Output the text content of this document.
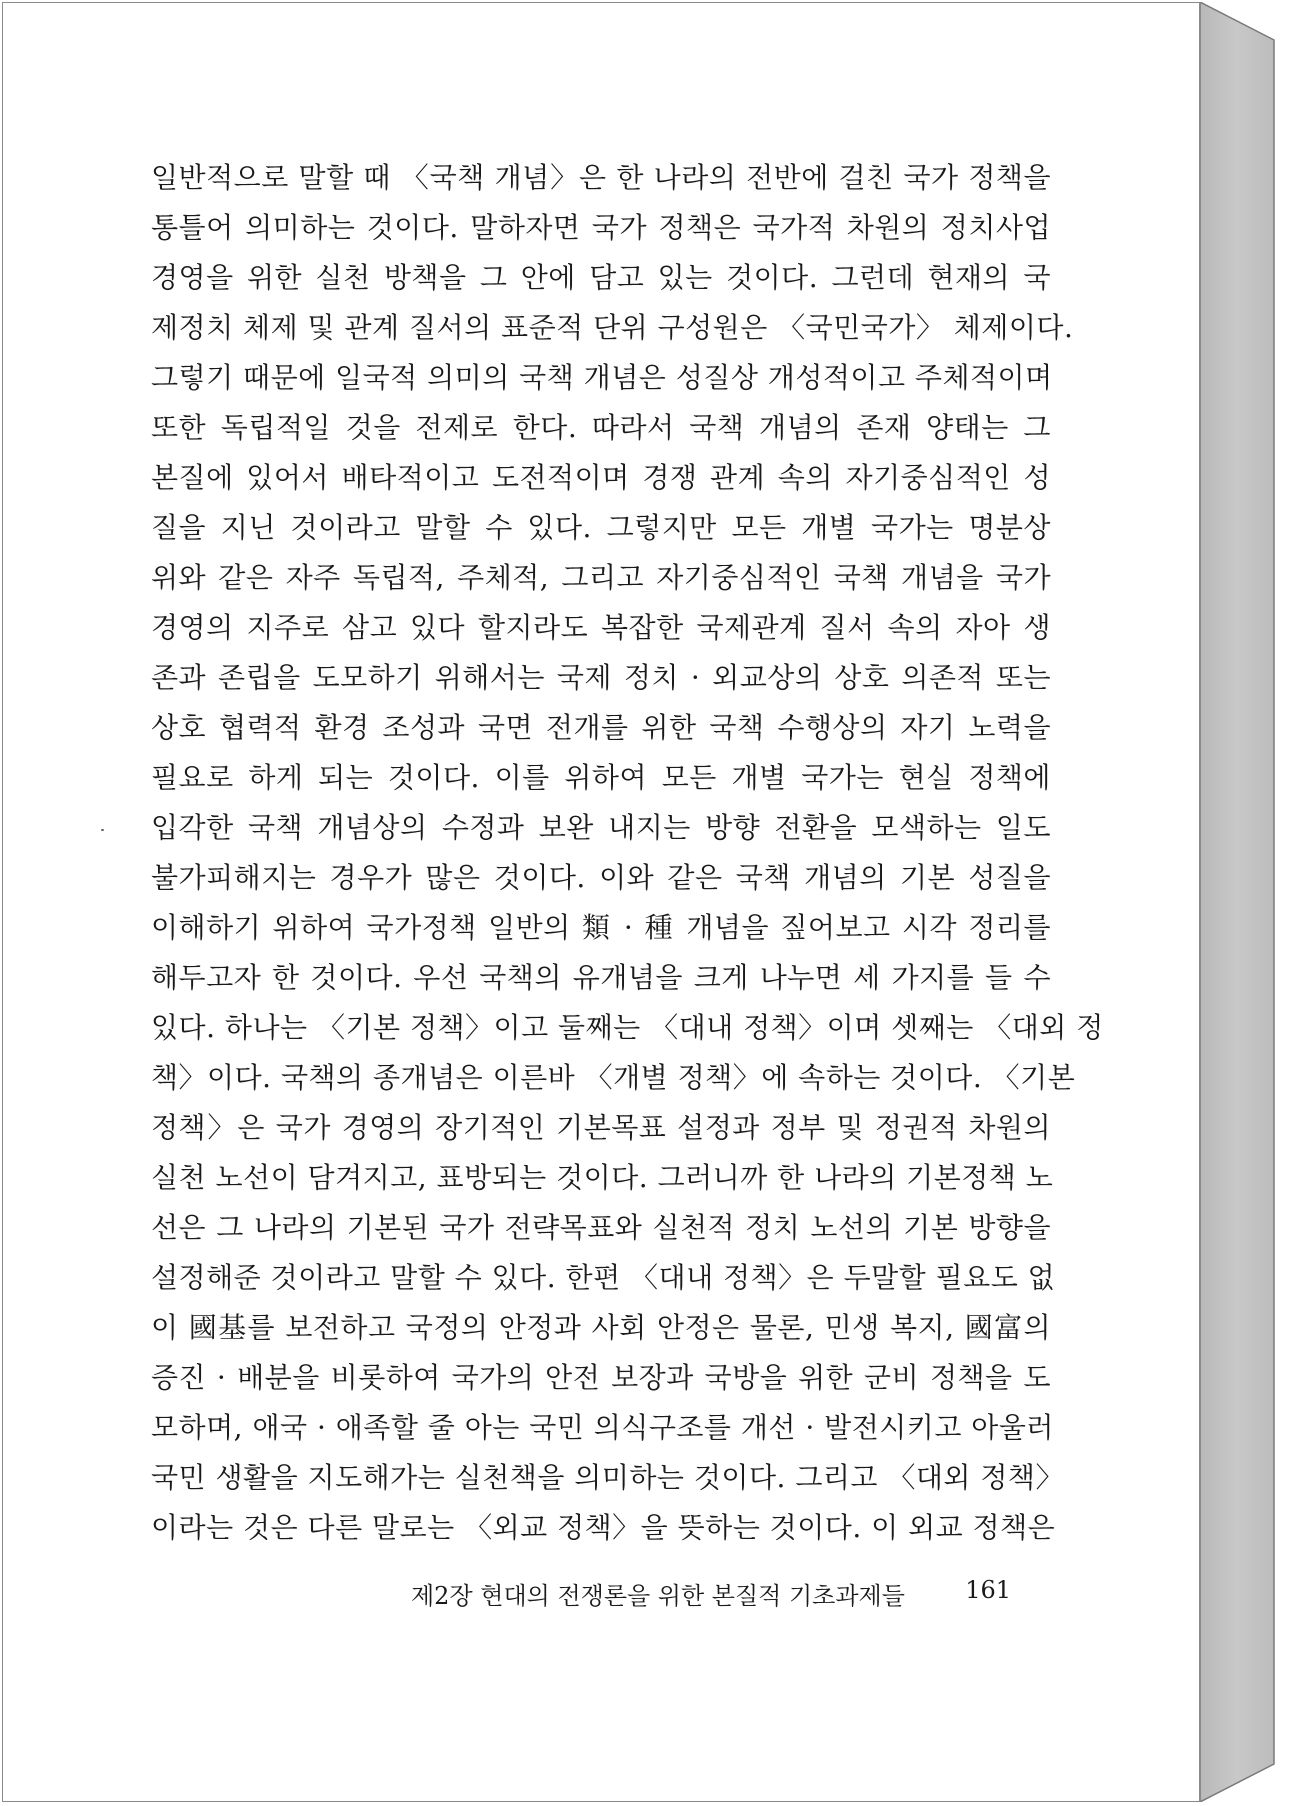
일반적으로 말할 때 〈국책 개념〉은 한 나라의 전반에 걸친 국가 정책을
통틀어 의미하는 것이다. 말하자면 국가 정책은 국가적 차원의 정치사업
경영을 위한 실천 방책을 그 안에 담고 있는 것이다. 그런데 현재의 국
제정치 체제 및 관계 질서의 표준적 단위 구성원은 〈국민국가〉 체제이다.
그렇기 때문에 일국적 의미의 국책 개념은 성질상 개성적이고 주체적이며
또한 독립적일 것을 전제로 한다. 따라서 국책 개념의 존재 양태는 그
본질에 있어서 배타적이고 도전적이며 경쟁 관계 속의 자기중심적인 성
질을 지닌 것이라고 말할 수 있다. 그렇지만 모든 개별 국가는 명분상
위와 같은 자주 독립적, 주체적, 그리고 자기중심적인 국책 개념을 국가
경영의 지주로 삼고 있다 할지라도 복잡한 국제관계 질서 속의 자아 생
존과 존립을 도모하기 위해서는 국제 정치 · 외교상의 상호 의존적 또는
상호 협력적 환경 조성과 국면 전개를 위한 국책 수행상의 자기 노력을
필요로 하게 되는 것이다. 이를 위하여 모든 개별 국가는 현실 정책에
입각한 국책 개념상의 수정과 보완 내지는 방향 전환을 모색하는 일도
불가피해지는 경우가 많은 것이다. 이와 같은 국책 개념의 기본 성질을
이해하기 위하여 국가정책 일반의 類 · 種 개념을 짚어보고 시각 정리를
해두고자 한 것이다. 우선 국책의 유개념을 크게 나누면 세 가지를 들 수
있다. 하나는 〈기본 정책〉이고 둘째는 〈대내 정책〉이며 셋째는 〈대외 정
책〉이다. 국책의 종개념은 이른바 〈개별 정책〉에 속하는 것이다. 〈기본
정책〉은 국가 경영의 장기적인 기본목표 설정과 정부 및 정권적 차원의
실천 노선이 담겨지고, 표방되는 것이다. 그러니까 한 나라의 기본정책 노
선은 그 나라의 기본된 국가 전략목표와 실천적 정치 노선의 기본 방향을
설정해준 것이라고 말할 수 있다. 한편 〈대내 정책〉은 두말할 필요도 없
이 國基를 보전하고 국정의 안정과 사회 안정은 물론, 민생 복지, 國富의
증진 · 배분을 비롯하여 국가의 안전 보장과 국방을 위한 군비 정책을 도
모하며, 애국 · 애족할 줄 아는 국민 의식구조를 개선 · 발전시키고 아울러
국민 생활을 지도해가는 실천책을 의미하는 것이다. 그리고 〈대외 정책〉
이라는 것은 다른 말로는 〈외교 정책〉을 뜻하는 것이다. 이 외교 정책은
제2장 현대의 전쟁론을 위한 본질적 기초과제들	161
